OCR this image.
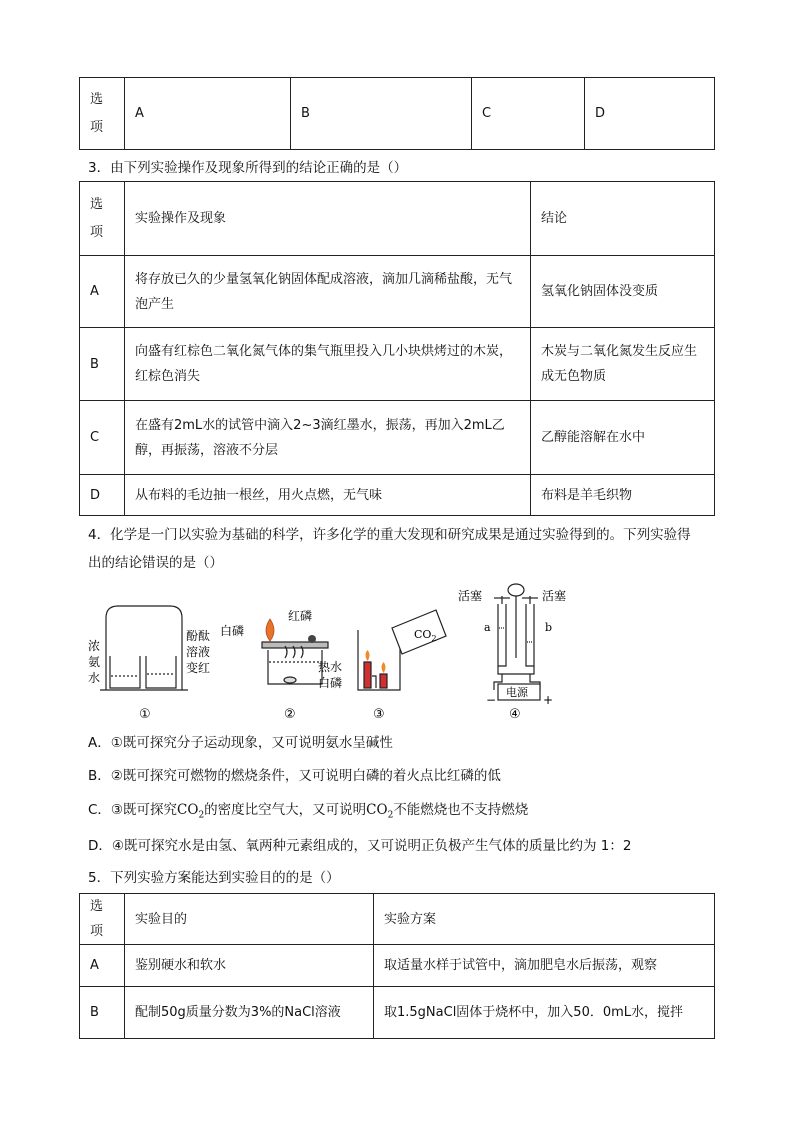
选项	A	B	C	D
3．由下列实验操作及现象所得到的结论正确的是（）
选项	实验操作及现象	结论
A	将存放已久的少量氢氧化钠固体配成溶液，滴加几滴稀盐酸，无气泡产生	氢氧化钠固体没变质
B	向盛有红棕色二氧化氮气体的集气瓶里投入几小块烘烤过的木炭，红棕色消失	木炭与二氧化氮发生反应生成无色物质
C	在盛有2mL水的试管中滴入2~3滴红墨水，振荡，再加入2mL乙醇，再振荡，溶液不分层	乙醇能溶解在水中
D	从布料的毛边抽一根丝，用火点燃，无气味	布料是羊毛织物
4．化学是一门以实验为基础的科学，许多化学的重大发现和研究成果是通过实验得到的。下列实验得
出的结论错误的是（）
浓
氨
水
酚酞
溶液
变红
①
红磷
白磷
热水
白磷
②
$CO_2$
③
活塞	活塞
a	b
电源
−	+
④
A．①既可探究分子运动现象，又可说明氨水呈碱性
B．②既可探究可燃物的燃烧条件，又可说明白磷的着火点比红磷的低
C．③既可探究$CO_2$的密度比空气大，又可说明$CO_2$不能燃烧也不支持燃烧
D．④既可探究水是由氢、氧两种元素组成的，又可说明正负极产生气体的质量比约为 1：2
5．下列实验方案能达到实验目的的是（）
选项	实验目的	实验方案
A	鉴别硬水和软水	取适量水样于试管中，滴加肥皂水后振荡，观察
B	配制50g质量分数为3%的NaCl溶液	取1.5gNaCl固体于烧杯中，加入50．0mL水，搅拌
